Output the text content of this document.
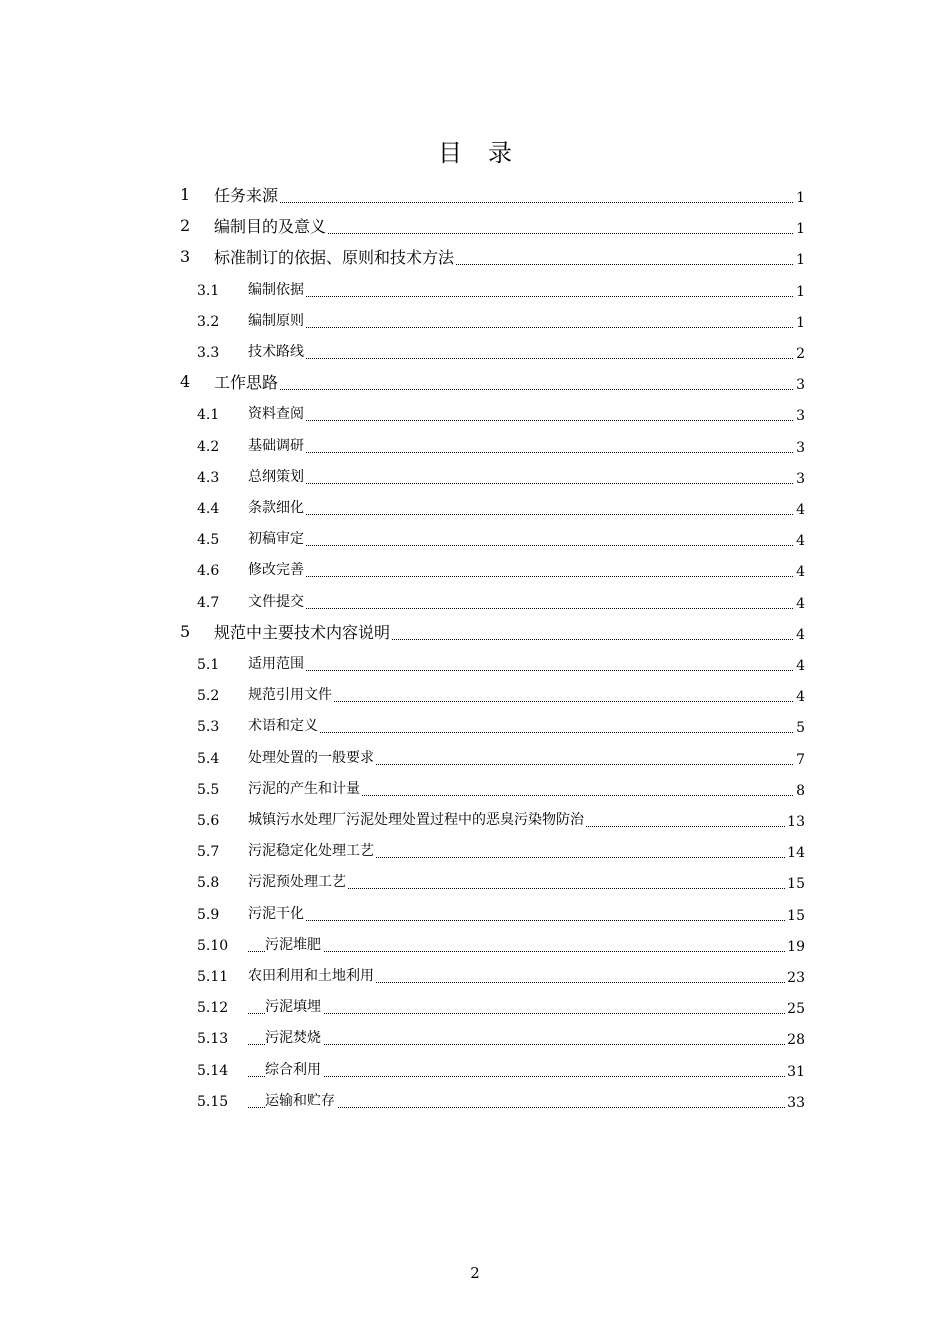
目录
1 任务来源	1
2 编制目的及意义	1
3 标准制订的依据、原则和技术方法	1
3.1 编制依据	1
3.2 编制原则	1
3.3 技术路线	2
4 工作思路	3
4.1 资料查阅	3
4.2 基础调研	3
4.3 总纲策划	3
4.4 条款细化	4
4.5 初稿审定	4
4.6 修改完善	4
4.7 文件提交	4
5 规范中主要技术内容说明	4
5.1 适用范围	4
5.2 规范引用文件	4
5.3 术语和定义	5
5.4 处理处置的一般要求	7
5.5 污泥的产生和计量	8
5.6 城镇污水处理厂污泥处理处置过程中的恶臭污染物防治	13
5.7 污泥稳定化处理工艺	14
5.8 污泥预处理工艺	15
5.9 污泥干化	15
5.10	污泥堆肥	19
5.11 农田利用和土地利用	23
5.12	污泥填埋	25
5.13	污泥焚烧	28
5.14	综合利用	31
5.15	运输和贮存	33
2
